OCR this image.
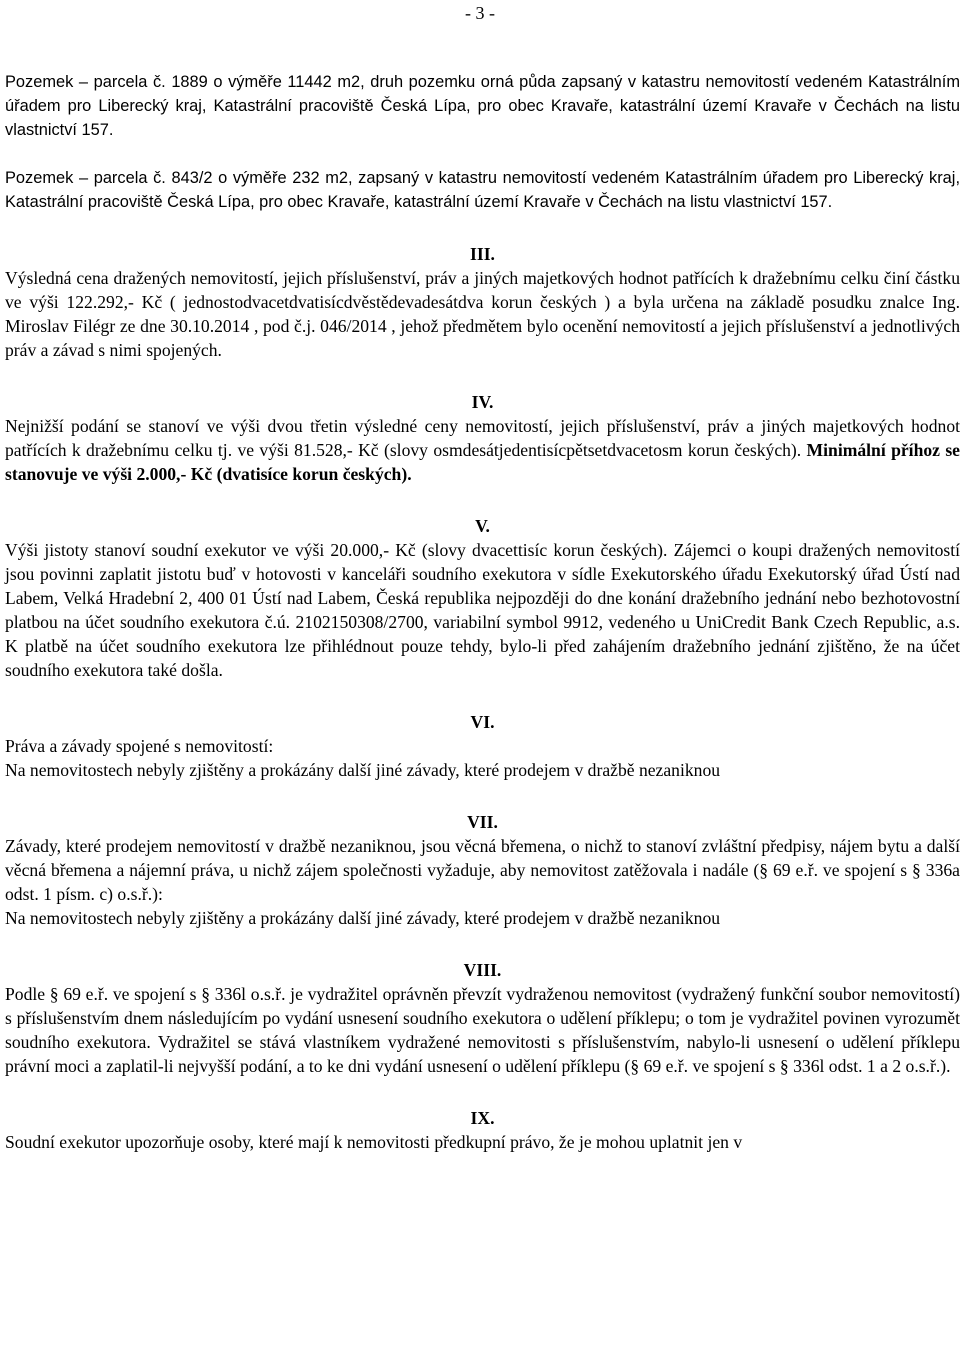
- 3 -

Pozemek – parcela č. 1889 o výměře 11442 m2, druh pozemku orná půda zapsaný v katastru nemovitostí vedeném Katastrálním úřadem pro Liberecký kraj, Katastrální pracoviště Česká Lípa, pro obec Kravaře, katastrální území Kravaře v Čechách na listu vlastnictví 157.

Pozemek – parcela č. 843/2 o výměře 232 m2, zapsaný v katastru nemovitostí vedeném Katastrálním úřadem pro Liberecký kraj, Katastrální pracoviště Česká Lípa, pro obec Kravaře, katastrální území Kravaře v Čechách na listu vlastnictví 157.

III.

Výsledná cena dražených nemovitostí, jejich příslušenství, práv a jiných majetkových hodnot patřících k dražebnímu celku činí částku ve výši 122.292,- Kč ( jednostodvacetdvatisícdvěstědevadesátdva korun českých ) a byla určena na základě posudku znalce Ing. Miroslav Filégr ze dne 30.10.2014 , pod č.j. 046/2014 , jehož předmětem bylo ocenění nemovitostí a jejich příslušenství a jednotlivých práv a závad s nimi spojených.

IV.

Nejnižší podání se stanoví ve výši dvou třetin výsledné ceny nemovitostí, jejich příslušenství, práv a jiných majetkových hodnot patřících k dražebnímu celku tj. ve výši 81.528,- Kč (slovy osmdesátjedentisícpětsetdvacetosm korun českých). Minimální příhoz se stanovuje ve výši 2.000,- Kč (dvatisíce korun českých).

V.

Výši jistoty stanoví soudní exekutor ve výši 20.000,- Kč (slovy dvacettisíc korun českých). Zájemci o koupi dražených nemovitostí jsou povinni zaplatit jistotu buď v hotovosti v kanceláři soudního exekutora v sídle Exekutorského úřadu Exekutorský úřad Ústí nad Labem, Velká Hradební 2, 400 01 Ústí nad Labem, Česká republika nejpozději do dne konání dražebního jednání nebo bezhotovostní platbou na účet soudního exekutora č.ú. 2102150308/2700, variabilní symbol 9912, vedeného u UniCredit Bank Czech Republic, a.s. K platbě na účet soudního exekutora lze přihlédnout pouze tehdy, bylo-li před zahájením dražebního jednání zjištěno, že na účet soudního exekutora také došla.

VI.

Práva a závady spojené s nemovitostí:

Na nemovitostech nebyly zjištěny a prokázány další jiné závady, které prodejem v dražbě nezaniknou

VII.

Závady, které prodejem nemovitostí v dražbě nezaniknou, jsou věcná břemena, o nichž to stanoví zvláštní předpisy, nájem bytu a další věcná břemena a nájemní práva, u nichž zájem společnosti vyžaduje, aby nemovitost zatěžovala i nadále (§ 69 e.ř. ve spojení s § 336a odst. 1 písm. c) o.s.ř.):

Na nemovitostech nebyly zjištěny a prokázány další jiné závady, které prodejem v dražbě nezaniknou

VIII.

Podle § 69 e.ř. ve spojení s § 336l o.s.ř. je vydražitel oprávněn převzít vydraženou nemovitost (vydražený funkční soubor nemovitostí) s příslušenstvím dnem následujícím po vydání usnesení soudního exekutora o udělení příklepu; o tom je vydražitel povinen vyrozumět soudního exekutora. Vydražitel se stává vlastníkem vydražené nemovitosti s příslušenstvím, nabylo-li usnesení o udělení příklepu právní moci a zaplatil-li nejvyšší podání, a to ke dni vydání usnesení o udělení příklepu (§ 69 e.ř. ve spojení s § 336l odst. 1 a 2 o.s.ř.).

IX.

Soudní exekutor upozorňuje osoby, které mají k nemovitosti předkupní právo, že je mohou uplatnit jen v
